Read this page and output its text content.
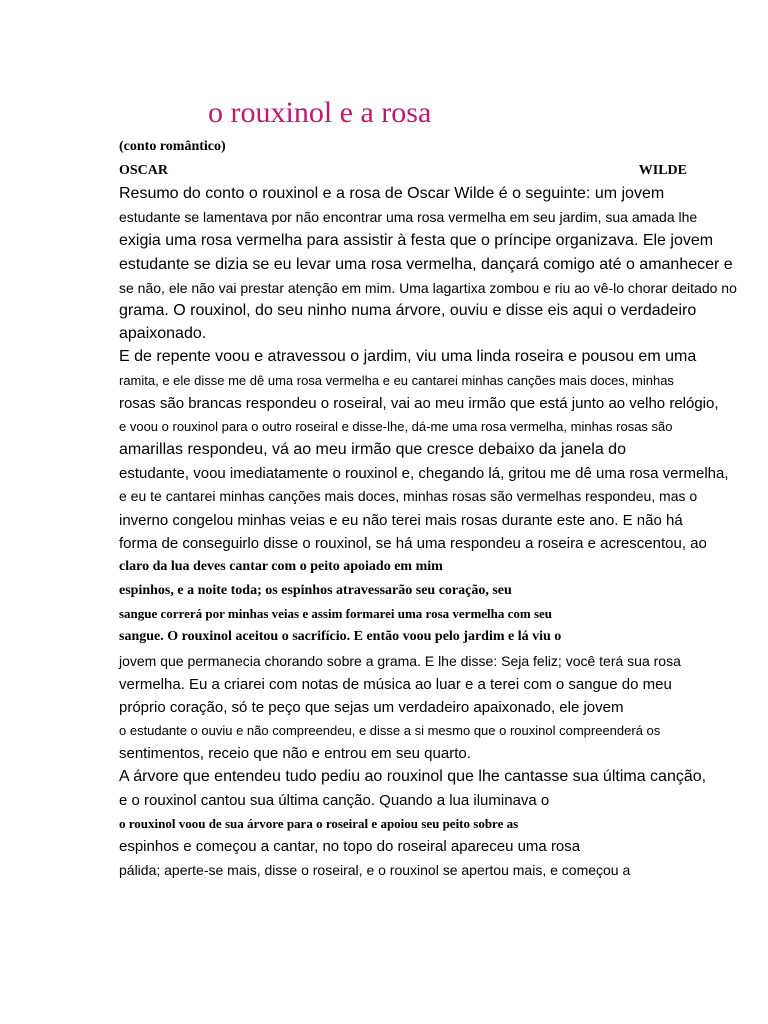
o rouxinol e a rosa
(conto romântico)
OSCAR	WILDE
Resumo do conto o rouxinol e a rosa de Oscar Wilde é o seguinte: um jovem
estudante se lamentava por não encontrar uma rosa vermelha em seu jardim, sua amada lhe
exigia uma rosa vermelha para assistir à festa que o príncipe organizava. Ele jovem
estudante se dizia se eu levar uma rosa vermelha, dançará comigo até o amanhecer e
se não, ele não vai prestar atenção em mim. Uma lagartixa zombou e riu ao vê-lo chorar deitado no
grama. O rouxinol, do seu ninho numa árvore, ouviu e disse eis aqui o verdadeiro
apaixonado.
E de repente voou e atravessou o jardim, viu uma linda roseira e pousou em uma
ramita, e ele disse me dê uma rosa vermelha e eu cantarei minhas canções mais doces, minhas
rosas são brancas respondeu o roseiral, vai ao meu irmão que está junto ao velho relógio,
e voou o rouxinol para o outro roseiral e disse-lhe, dá-me uma rosa vermelha, minhas rosas são
amarillas respondeu, vá ao meu irmão que cresce debaixo da janela do
estudante, voou imediatamente o rouxinol e, chegando lá, gritou me dê uma rosa vermelha,
e eu te cantarei minhas canções mais doces, minhas rosas são vermelhas respondeu, mas o
inverno congelou minhas veias e eu não terei mais rosas durante este ano. E não há
forma de conseguirlo disse o rouxinol, se há uma respondeu a roseira e acrescentou, ao
claro da lua deves cantar com o peito apoiado em mim
espinhos, e a noite toda; os espinhos atravessarão seu coração, seu
sangue correrá por minhas veias e assim formarei uma rosa vermelha com seu
sangue. O rouxinol aceitou o sacrifício. E então voou pelo jardim e lá viu o
jovem que permanecia chorando sobre a grama. E lhe disse: Seja feliz; você terá sua rosa
vermelha. Eu a criarei com notas de música ao luar e a terei com o sangue do meu
próprio coração, só te peço que sejas um verdadeiro apaixonado, ele jovem
o estudante o ouviu e não compreendeu, e disse a si mesmo que o rouxinol compreenderá os
sentimentos, receio que não e entrou em seu quarto.
A árvore que entendeu tudo pediu ao rouxinol que lhe cantasse sua última canção,
e o rouxinol cantou sua última canção. Quando a lua iluminava o
o rouxinol voou de sua árvore para o roseiral e apoiou seu peito sobre as
espinhos e começou a cantar, no topo do roseiral apareceu uma rosa
pálida; aperte-se mais, disse o roseiral, e o rouxinol se apertou mais, e começou a
